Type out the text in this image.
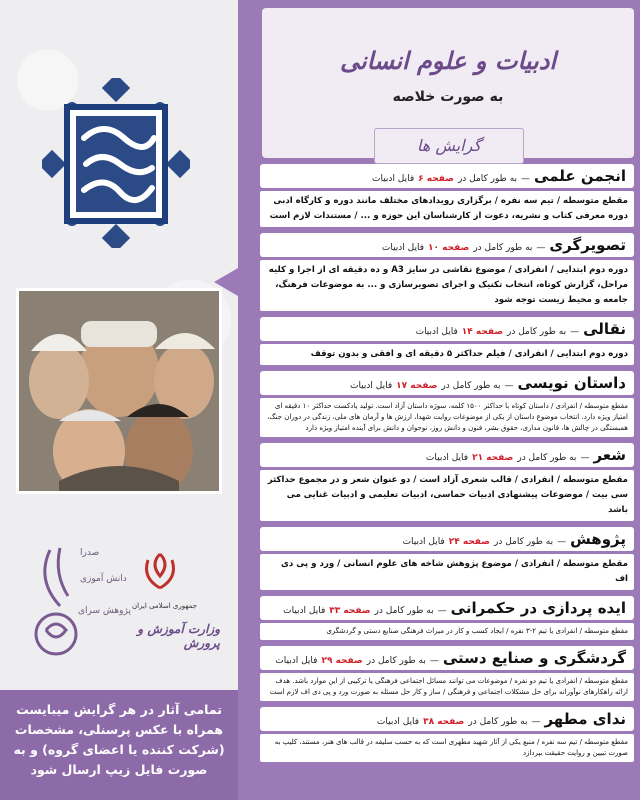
صدرا
دانش آموزی
پژوهش سرای جمهوری اسلامی ایران
وزارت آموزش و پرورش
تمامی آثار در هر گرایش میبایست همراه با عکس پرسنلی، مشخصات (شرکت کننده یا اعضای گروه) و به صورت فایل زیپ ارسال شود
ادبیات و علوم انسانی
به صورت خلاصه
گرایش ها
انجمن علمی
—
به طور کامل در
صفحه ۶
فایل ادبیات
مقطع متوسطه / تیم سه نفره / برگزاری رویدادهای مختلف مانند دوره و کارگاه ادبی دوره معرفی کتاب و نشریه، دعوت از کارشناسان این حوزه و ... / مستندات لازم است
تصویرگری
—
به طور کامل در
صفحه ۱۰
فایل ادبیات
دوره دوم ابتدایی / انفرادی / موضوع نقاشی در سایز A3 و ده دقیقه ای از اجرا و کلیه مراحل، گزارش کوتاه، انتخاب تکنیک و اجرای تصویرسازی و ... به موضوعات فرهنگ، جامعه و محیط زیست توجه شود
نقالی
—
به طور کامل در
صفحه ۱۴
فایل ادبیات
دوره دوم ابتدایی / انفرادی / فیلم حداکثر ۵ دقیقه ای و افقی و بدون توقف
داستان نویسی
—
به طور کامل در
صفحه ۱۷
فایل ادبیات
مقطع متوسطه / انفرادی / داستان کوتاه با حداکثر ۱۵۰۰ کلمه، سوژه داستان آزاد است. تولید یادکست حداکثر ۱۰ دقیقه ای امتیاز ویژه دارد. انتخاب موضوع داستان از یکی از موضوعات روایت شهدا، ارزش ها و آرمان های ملی، زندگی در دوران جنگ، همبستگی در چالش ها، قانون مداری، حقوق بشر، فنون و دانش روز، نوجوان و دانش برای آینده امتیاز ویژه دارد
شعر
—
به طور کامل در
صفحه ۲۱
فایل ادبیات
مقطع متوسطه / انفرادی / قالب شعری آزاد است / دو عنوان شعر و در مجموع حداکثر سی بیت / موضوعات پیشنهادی ادبیات حماسی، ادبیات تعلیمی و ادبیات غنایی می باشد
پژوهش
—
به طور کامل در
صفحه ۲۴
فایل ادبیات
مقطع متوسطه / انفرادی / موضوع پژوهش شاخه های علوم انسانی / ورد و پی دی اف
ایده پردازی در حکمرانی
—
به طور کامل در
صفحه ۳۳
فایل ادبیات
مقطع متوسطه / انفرادی یا تیم ۲-۳ نفره / ایجاد کسب و کار در میراث فرهنگی صنایع دستی و گردشگری
گردشگری و صنایع دستی
—
به طور کامل در
صفحه ۲۹
فایل ادبیات
مقطع متوسطه / انفرادی یا تیم دو نفره / موضوعات می توانند مسائل اجتماعی فرهنگی یا ترکیبی از این موارد باشد. هدف ارائه راهکارهای نوآورانه برای حل مشکلات اجتماعی و فرهنگی / ساز و کار حل مسئله به صورت ورد و پی دی اف لازم است
ندای مطهر
—
به طور کامل در
صفحه ۳۸
فایل ادبیات
مقطع متوسطه / تیم سه نفره / منبع یکی از آثار شهید مطهری است که به حسب سلیقه در قالب های هنر، مستند، کلیپ به صورت تبیین و روایت حقیقت بپردازد
